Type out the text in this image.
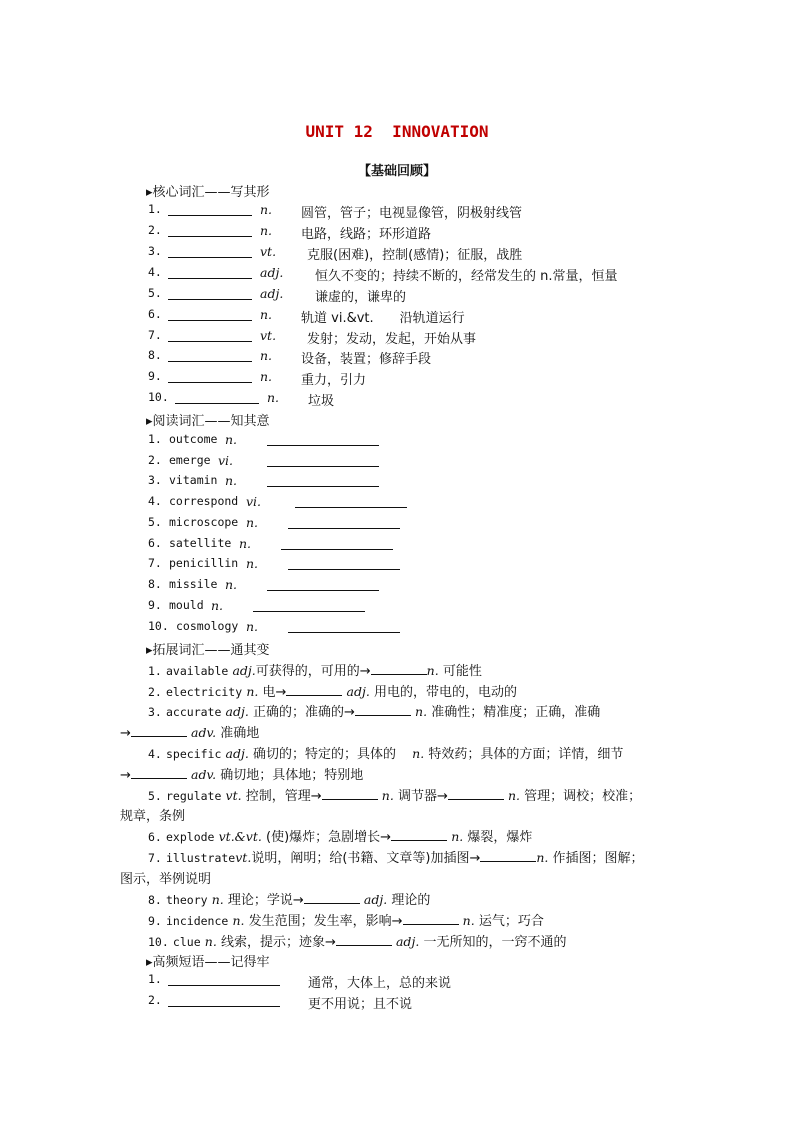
UNIT 12  INNOVATION
【基础回顾】
▸核心词汇——写其形
1.	n. 圆管，管子；电视显像管，阴极射线管
2.	n. 电路，线路；环形道路
3.	vt. 克服(困难)，控制(感情)；征服，战胜
4.	adj. 恒久不变的；持续不断的，经常发生的 n.常量，恒量
5.	adj. 谦虚的，谦卑的
6.	n. 轨道 vi.&vt.　　沿轨道运行
7.	vt. 发射；发动，发起，开始从事
8.	n. 设备，装置；修辞手段
9.	n. 重力，引力
10.	n. 垃圾
▸阅读词汇——知其意
1. outcome n.
2. emerge vi.
3. vitamin n.
4. correspond vi.
5. microscope n.
6. satellite n.
7. penicillin n.
8. missile n.
9. mould n.
10. cosmology n.
▸拓展词汇——通其变
1. available adj.可获得的，可用的→	n. 可能性
2. electricity n. 电→	adj. 用电的，带电的，电动的
3. accurate adj. 正确的；准确的→	n. 准确性；精准度；正确，准确
→	adv. 准确地
4. specific adj. 确切的；特定的；具体的 n. 特效药；具体的方面；详情，细节
→	adv. 确切地；具体地；特别地
5. regulate vt. 控制，管理→	n. 调节器→	n. 管理；调校；校准；
规章，条例
6. explode vt.&vt. (使)爆炸；急剧增长→	n. 爆裂，爆炸
7. illustratevt.说明，阐明；给(书籍、文章等)加插图→	n. 作插图；图解；
图示，举例说明
8. theory n. 理论；学说→	adj. 理论的
9. incidence n. 发生范围；发生率，影响→	n. 运气；巧合
10. clue n. 线索，提示；迹象→	adj. 一无所知的，一窍不通的
▸高频短语——记得牢
1.	通常，大体上，总的来说
2.	更不用说；且不说
